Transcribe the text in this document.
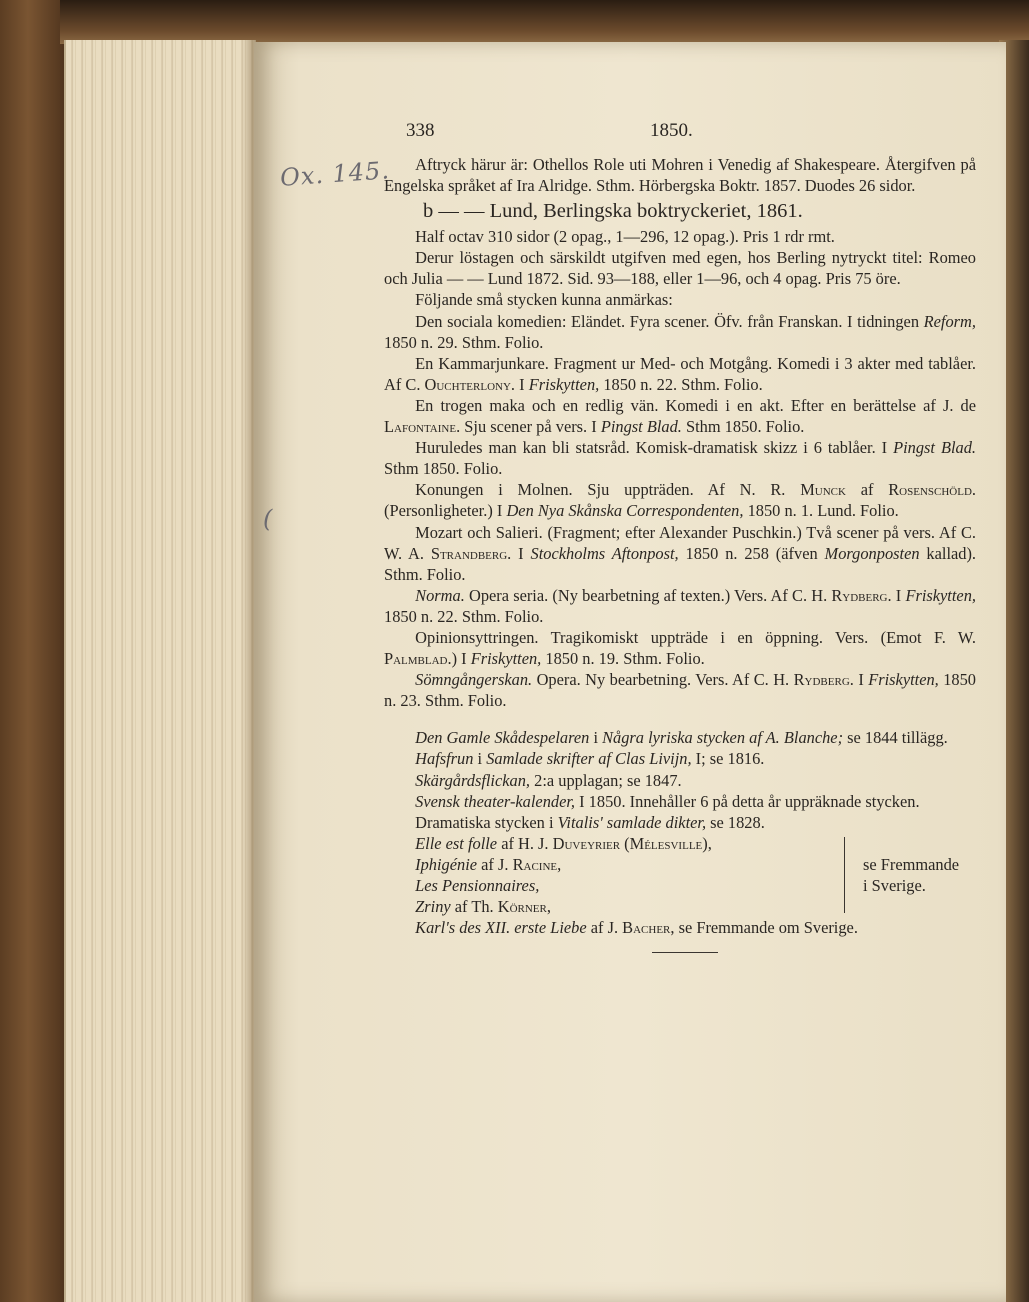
Ox. 145.
(
338	1850.

Aftryck härur är: Othellos Role uti Mohren i Venedig af Shakespeare. Återgifven på Engelska språket af Ira Alridge. Sthm. Hörbergska Boktr. 1857. Duodes 26 sidor.

b — — Lund, Berlingska boktryckeriet, 1861.

Half octav 310 sidor (2 opag., 1—296, 12 opag.). Pris 1 rdr rmt.

Derur löstagen och särskildt utgifven med egen, hos Berling nytryckt titel: Romeo och Julia — — Lund 1872. Sid. 93—188, eller 1—96, och 4 opag. Pris 75 öre.

Följande små stycken kunna anmärkas:

Den sociala komedien: Eländet. Fyra scener. Öfv. från Franskan. I tidningen Reform, 1850 n. 29. Sthm. Folio.

En Kammarjunkare. Fragment ur Med- och Motgång. Komedi i 3 akter med tablåer. Af C. Ouchterlony. I Friskytten, 1850 n. 22. Sthm. Folio.

En trogen maka och en redlig vän. Komedi i en akt. Efter en berättelse af J. de Lafontaine. Sju scener på vers. I Pingst Blad. Sthm 1850. Folio.

Huruledes man kan bli statsråd. Komisk-dramatisk skizz i 6 tablåer. I Pingst Blad. Sthm 1850. Folio.

Konungen i Molnen. Sju uppträden. Af N. R. Munck af Rosenschöld. (Personligheter.) I Den Nya Skånska Correspondenten, 1850 n. 1. Lund. Folio.

Mozart och Salieri. (Fragment; efter Alexander Puschkin.) Två scener på vers. Af C. W. A. Strandberg. I Stockholms Aftonpost, 1850 n. 258 (äfven Morgonposten kallad). Sthm. Folio.

Norma. Opera seria. (Ny bearbetning af texten.) Vers. Af C. H. Rydberg. I Friskytten, 1850 n. 22. Sthm. Folio.

Opinionsyttringen. Tragikomiskt uppträde i en öppning. Vers. (Emot F. W. Palmblad.) I Friskytten, 1850 n. 19. Sthm. Folio.

Sömngångerskan. Opera. Ny bearbetning. Vers. Af C. H. Rydberg. I Friskytten, 1850 n. 23. Sthm. Folio.

Den Gamle Skådespelaren i Några lyriska stycken af A. Blanche; se 1844 tillägg.

Hafsfrun i Samlade skrifter af Clas Livijn, I; se 1816.

Skärgårdsflickan, 2:a upplagan; se 1847.

Svensk theater-kalender, I 1850. Innehåller 6 på detta år uppräknade stycken.

Dramatiska stycken i Vitalis' samlade dikter, se 1828.

Elle est folle af H. J. Duveyrier (Mélesville),
Iphigénie af J. Racine,
Les Pensionnaires,
Zriny af Th. Körner,
se Fremmande
i Sverige.

Karl's des XII. erste Liebe af J. Bacher, se Fremmande om Sverige.
